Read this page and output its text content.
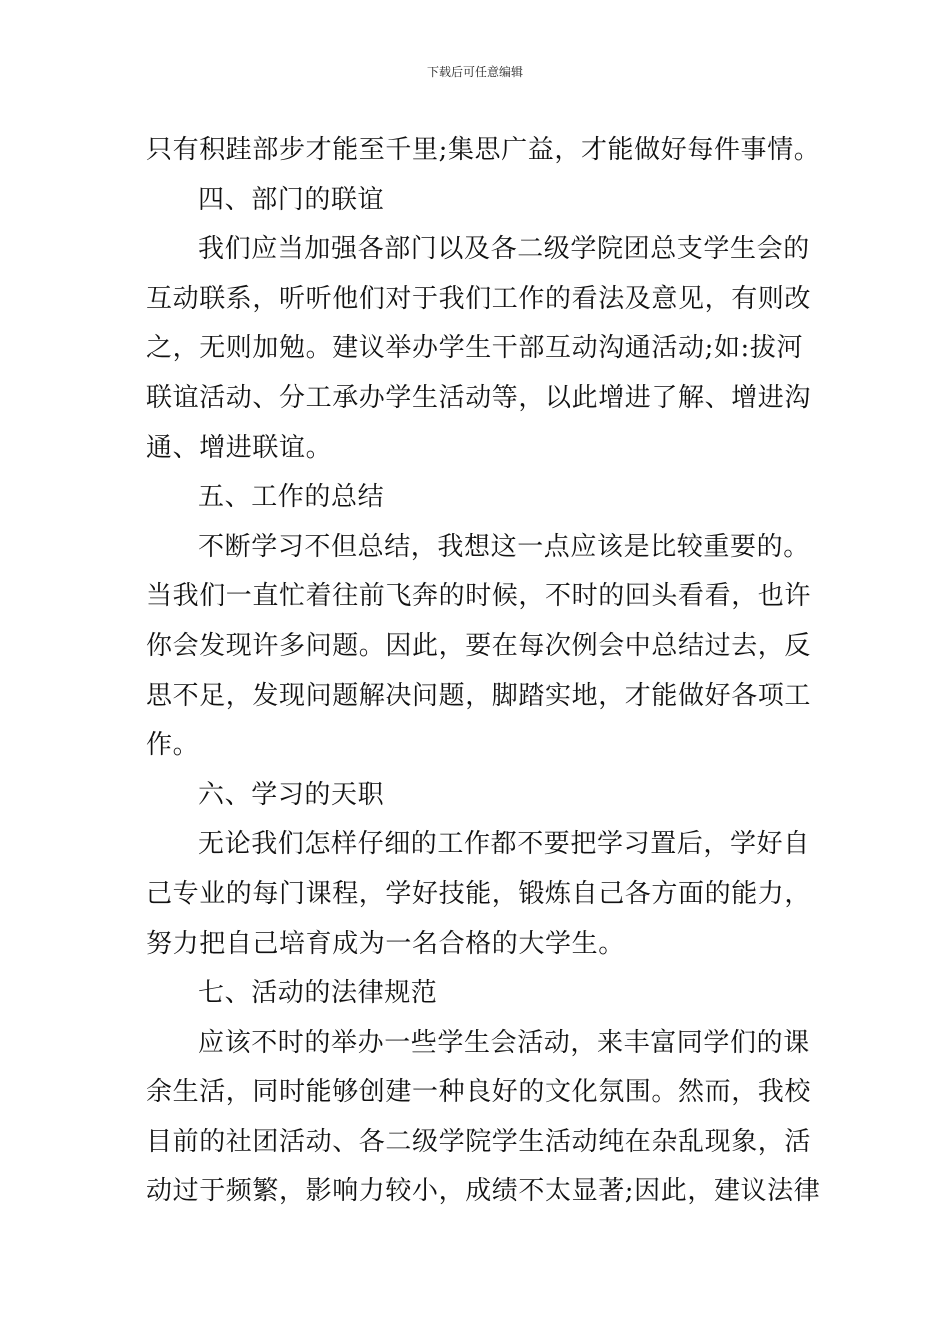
下载后可任意编辑
只有积跬部步才能至千里;集思广益，才能做好每件事情。
四、部门的联谊
我们应当加强各部门以及各二级学院团总支学生会的
互动联系，听听他们对于我们工作的看法及意见，有则改
之，无则加勉。建议举办学生干部互动沟通活动;如:拔河
联谊活动、分工承办学生活动等，以此增进了解、增进沟
通、增进联谊。
五、工作的总结
不断学习不但总结，我想这一点应该是比较重要的。
当我们一直忙着往前飞奔的时候，不时的回头看看，也许
你会发现许多问题。因此，要在每次例会中总结过去，反
思不足，发现问题解决问题，脚踏实地，才能做好各项工
作。
六、学习的天职
无论我们怎样仔细的工作都不要把学习置后，学好自
己专业的每门课程，学好技能，锻炼自己各方面的能力，
努力把自己培育成为一名合格的大学生。
七、活动的法律规范
应该不时的举办一些学生会活动，来丰富同学们的课
余生活，同时能够创建一种良好的文化氛围。然而，我校
目前的社团活动、各二级学院学生活动纯在杂乱现象，活
动过于频繁，影响力较小，成绩不太显著;因此，建议法律
